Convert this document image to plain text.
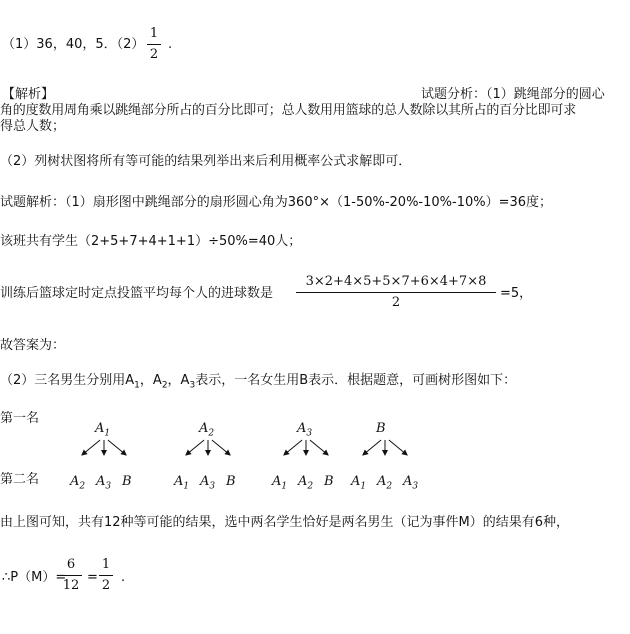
（1）36，40，5．（2）
1
2
.
【解析】	试题分析：（1）跳绳部分的圆心
角的度数用周角乘以跳绳部分所占的百分比即可；总人数用用篮球的总人数除以其所占的百分比即可求
得总人数；
（2）列树状图将所有等可能的结果列举出来后利用概率公式求解即可．
试题解析：（1）扇形图中跳绳部分的扇形圆心角为360°×（1-50%-20%-10%-10%）=36度；
该班共有学生（2+5+7+4+1+1）÷50%=40人；
训练后篮球定时定点投篮平均每个人的进球数是
3×2+4×5+5×7+6×4+7×8
2
=5，
故答案为：
（2）三名男生分别用$A_1$，$A_2$，$A_3$表示，一名女生用B表示．根据题意，可画树形图如下：
第一名
第二名
$A_1$	$A_2$	$A_3$	B
$A_2$ $A_3$ B	$A_1$ $A_3$ B	$A_1$ $A_2$ B $A_1$ $A_2$ $A_3$
由上图可知，共有12种等可能的结果，选中两名学生恰好是两名男生（记为事件M）的结果有6种，
∴P（M）=
6
12
=
1
2
.
